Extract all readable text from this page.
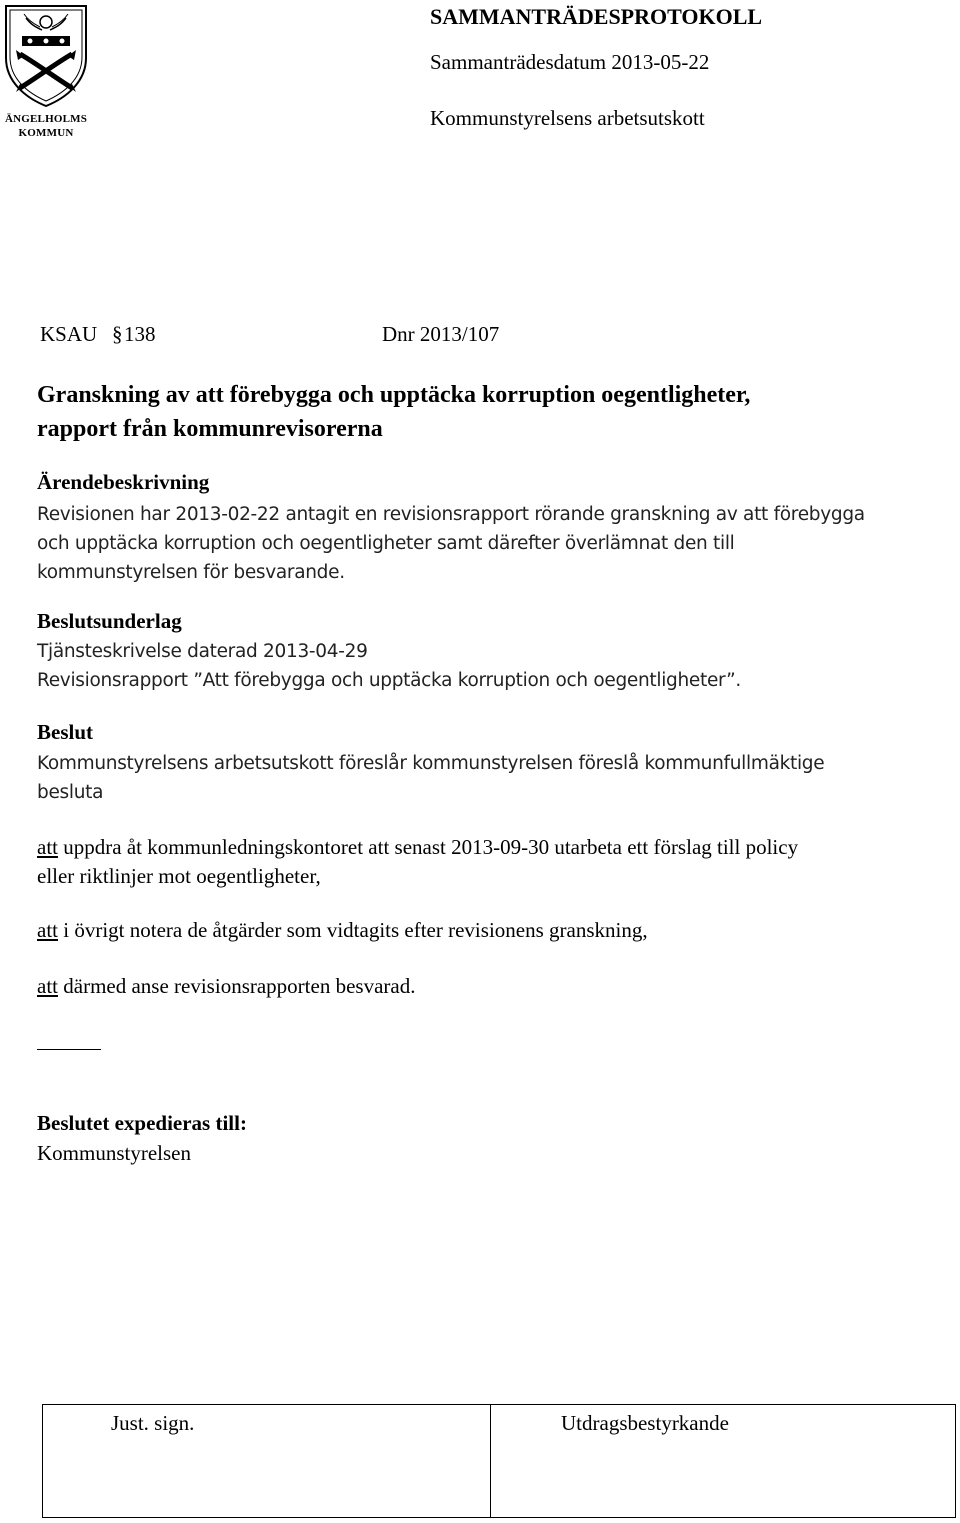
ÄNGELHOLMS
KOMMUN
SAMMANTRÄDESPROTOKOLL
Sammanträdesdatum 2013-05-22
Kommunstyrelsens arbetsutskott
KSAU § 138	Dnr 2013/107
Granskning av att förebygga och upptäcka korruption oegentligheter,
rapport från kommunrevisorerna
Ärendebeskrivning
Revisionen har 2013-02-22 antagit en revisionsrapport rörande granskning av att förebygga
och upptäcka korruption och oegentligheter samt därefter överlämnat den till
kommunstyrelsen för besvarande.
Beslutsunderlag
Tjänsteskrivelse daterad 2013-04-29
Revisionsrapport ”Att förebygga och upptäcka korruption och oegentligheter”.
Beslut
Kommunstyrelsens arbetsutskott föreslår kommunstyrelsen föreslå kommunfullmäktige
besluta
att uppdra åt kommunledningskontoret att senast 2013-09-30 utarbeta ett förslag till policy
eller riktlinjer mot oegentligheter,
att i övrigt notera de åtgärder som vidtagits efter revisionens granskning,
att därmed anse revisionsrapporten besvarad.
Beslutet expedieras till:
Kommunstyrelsen
Just. sign.	Utdragsbestyrkande
